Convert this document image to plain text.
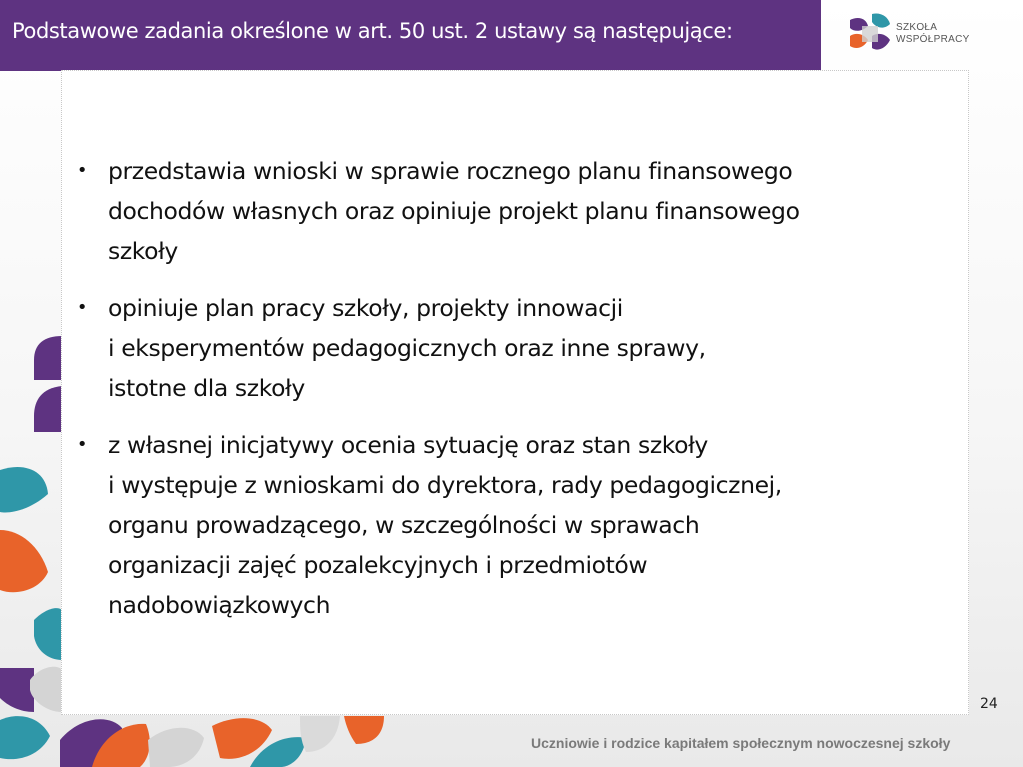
Podstawowe zadania określone w art. 50 ust. 2 ustawy są następujące:	SZKOŁA
WSPÓŁPRACY
• przedstawia wnioski w sprawie rocznego planu finansowego
dochodów własnych oraz opiniuje projekt planu finansowego
szkoły
• opiniuje plan pracy szkoły, projekty innowacji
i eksperymentów pedagogicznych oraz inne sprawy,
istotne dla szkoły
• z własnej inicjatywy ocenia sytuację oraz stan szkoły
i występuje z wnioskami do dyrektora, rady pedagogicznej,
organu prowadzącego, w szczególności w sprawach
organizacji zajęć pozalekcyjnych i przedmiotów
nadobowiązkowych
24
Uczniowie i rodzice kapitałem społecznym nowoczesnej szkoły
